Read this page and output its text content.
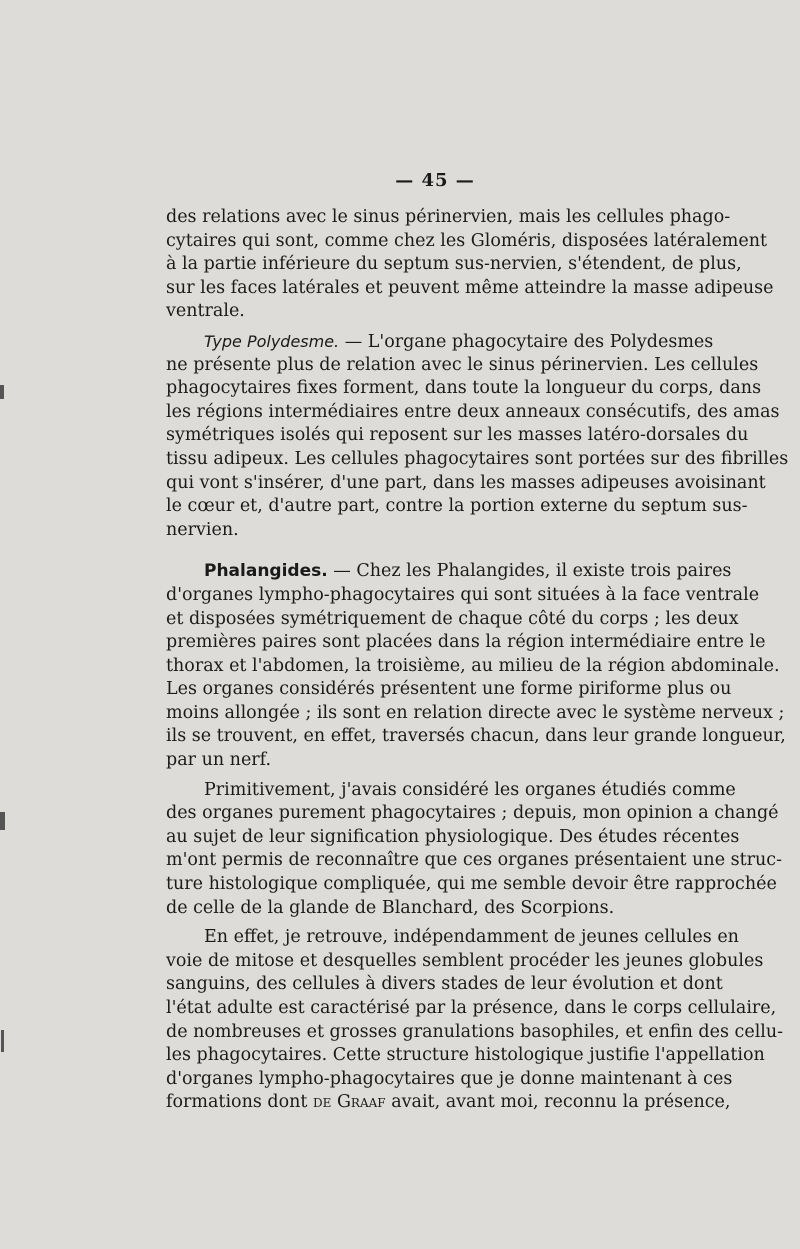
— 45 —
des relations avec le sinus périnervien, mais les cellules phago-
cytaires qui sont, comme chez les Gloméris, disposées latéralement
à la partie inférieure du septum sus-nervien, s'étendent, de plus,
sur les faces latérales et peuvent même atteindre la masse adipeuse
ventrale.
Type Polydesme. — L'organe phagocytaire des Polydesmes
ne présente plus de relation avec le sinus périnervien. Les cellules
phagocytaires fixes forment, dans toute la longueur du corps, dans
les régions intermédiaires entre deux anneaux consécutifs, des amas
symétriques isolés qui reposent sur les masses latéro-dorsales du
tissu adipeux. Les cellules phagocytaires sont portées sur des fibrilles
qui vont s'insérer, d'une part, dans les masses adipeuses avoisinant
le cœur et, d'autre part, contre la portion externe du septum sus-
nervien.
Phalangides. — Chez les Phalangides, il existe trois paires
d'organes lympho-phagocytaires qui sont situées à la face ventrale
et disposées symétriquement de chaque côté du corps ; les deux
premières paires sont placées dans la région intermédiaire entre le
thorax et l'abdomen, la troisième, au milieu de la région abdominale.
Les organes considérés présentent une forme piriforme plus ou
moins allongée ; ils sont en relation directe avec le système nerveux ;
ils se trouvent, en effet, traversés chacun, dans leur grande longueur,
par un nerf.
Primitivement, j'avais considéré les organes étudiés comme
des organes purement phagocytaires ; depuis, mon opinion a changé
au sujet de leur signification physiologique. Des études récentes
m'ont permis de reconnaître que ces organes présentaient une struc-
ture histologique compliquée, qui me semble devoir être rapprochée
de celle de la glande de Blanchard, des Scorpions.
En effet, je retrouve, indépendamment de jeunes cellules en
voie de mitose et desquelles semblent procéder les jeunes globules
sanguins, des cellules à divers stades de leur évolution et dont
l'état adulte est caractérisé par la présence, dans le corps cellulaire,
de nombreuses et grosses granulations basophiles, et enfin des cellu-
les phagocytaires. Cette structure histologique justifie l'appellation
d'organes lympho-phagocytaires que je donne maintenant à ces
formations dont de Graaf avait, avant moi, reconnu la présence,
